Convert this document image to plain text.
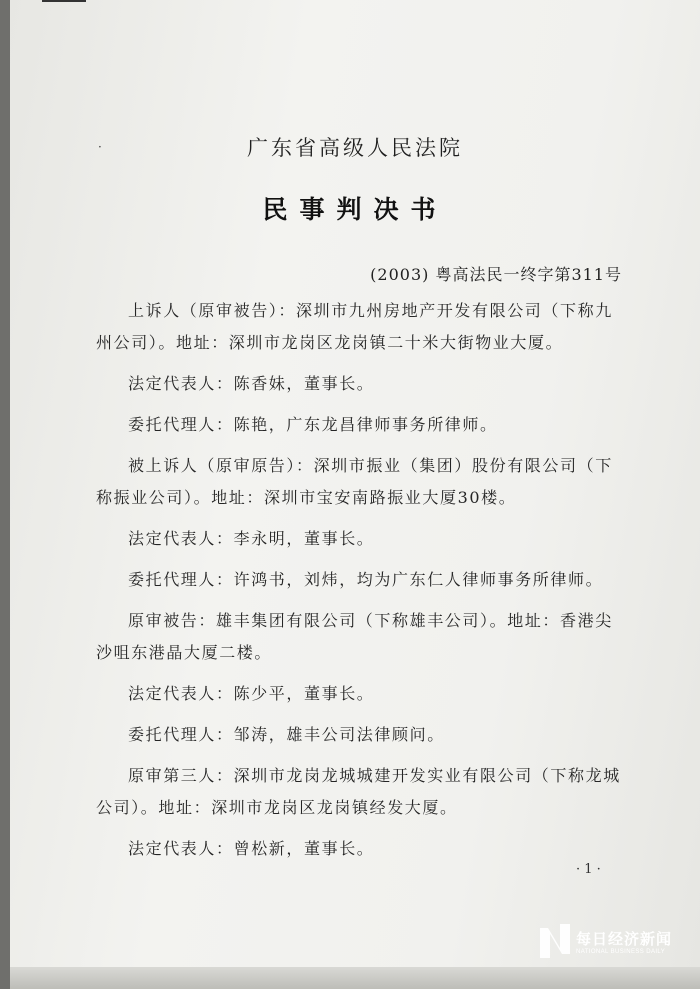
·	广东省高级人民法院
民事判决书
(2003) 粤高法民一终字第311号

上诉人（原审被告）：深圳市九州房地产开发有限公司（下称九州公司）。地址：深圳市龙岗区龙岗镇二十米大街物业大厦。

法定代表人：陈香妹，董事长。

委托代理人：陈艳，广东龙昌律师事务所律师。

被上诉人（原审原告）：深圳市振业（集团）股份有限公司（下称振业公司）。地址：深圳市宝安南路振业大厦30楼。

法定代表人：李永明，董事长。

委托代理人：许鸿书，刘炜，均为广东仁人律师事务所律师。

原审被告：雄丰集团有限公司（下称雄丰公司）。地址：香港尖沙咀东港晶大厦二楼。

法定代表人：陈少平，董事长。

委托代理人：邹涛，雄丰公司法律顾问。

原审第三人：深圳市龙岗龙城城建开发实业有限公司（下称龙城公司）。地址：深圳市龙岗区龙岗镇经发大厦。

法定代表人：曾松新，董事长。

· 1 ·
每日经济新闻
NATIONAL BUSINESS DAILY
